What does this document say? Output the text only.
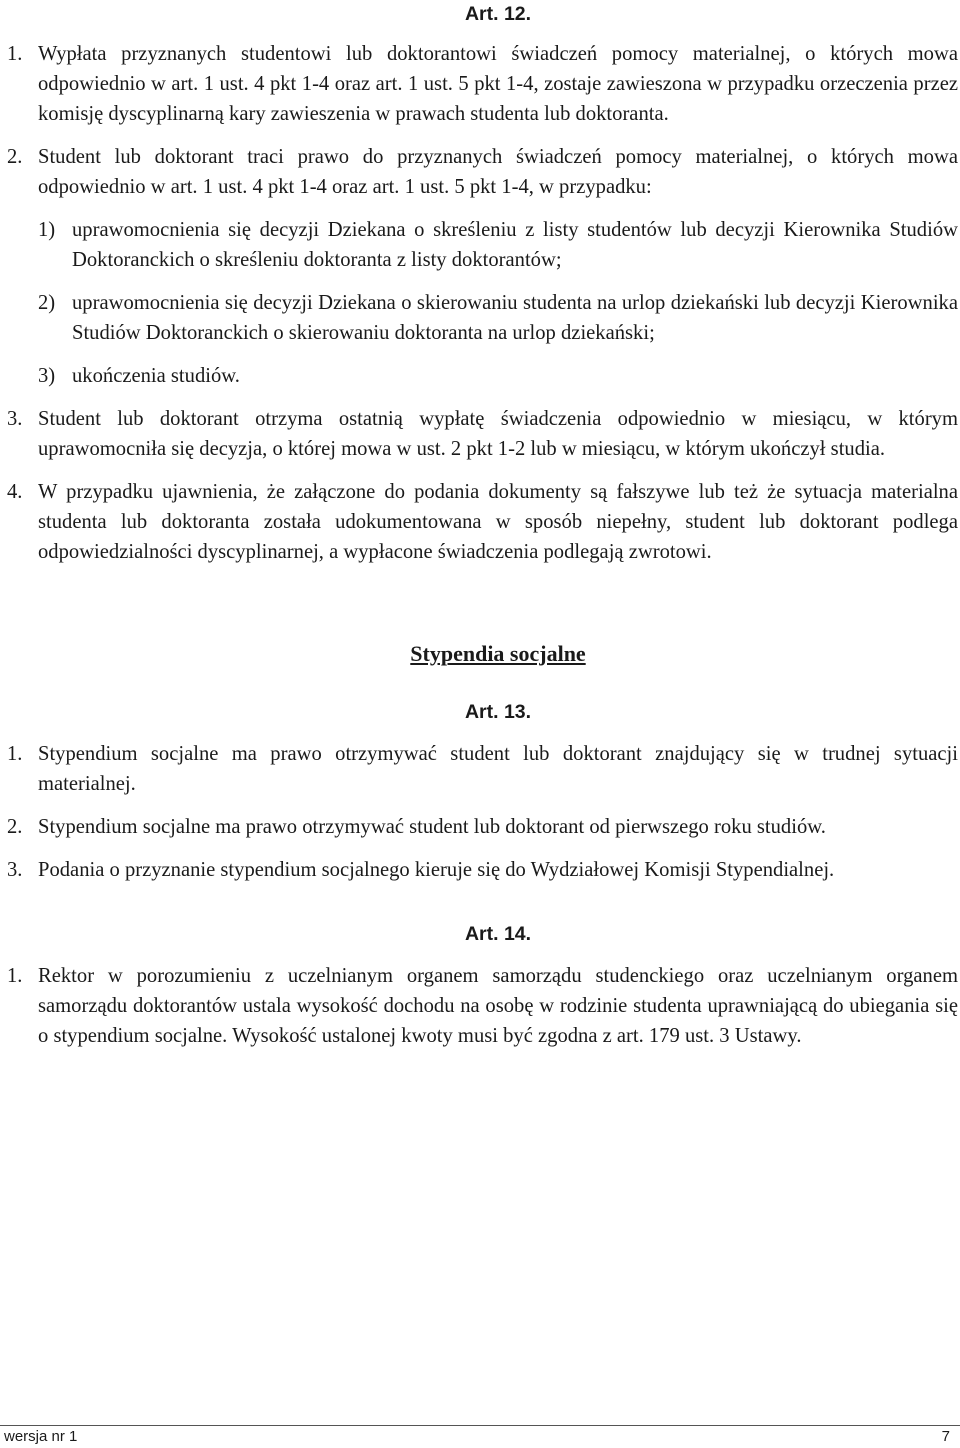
Art. 12.
1. Wypłata przyznanych studentowi lub doktorantowi świadczeń pomocy materialnej, o których mowa odpowiednio w art. 1 ust. 4 pkt 1-4 oraz art. 1 ust. 5 pkt 1-4, zostaje zawieszona w przypadku orzeczenia przez komisję dyscyplinarną kary zawieszenia w prawach studenta lub doktoranta.
2. Student lub doktorant traci prawo do przyznanych świadczeń pomocy materialnej, o których mowa odpowiednio w art. 1 ust. 4 pkt 1-4 oraz art. 1 ust. 5 pkt 1-4, w przypadku:
1) uprawomocnienia się decyzji Dziekana o skreśleniu z listy studentów lub decyzji Kierownika Studiów Doktoranckich o skreśleniu doktoranta z listy doktorantów;
2) uprawomocnienia się decyzji Dziekana o skierowaniu studenta na urlop dziekański lub decyzji Kierownika Studiów Doktoranckich o skierowaniu doktoranta na urlop dziekański;
3) ukończenia studiów.
3. Student lub doktorant otrzyma ostatnią wypłatę świadczenia odpowiednio w miesiącu, w którym uprawomocniła się decyzja, o której mowa w ust. 2 pkt 1-2 lub w miesiącu, w którym ukończył studia.
4. W przypadku ujawnienia, że załączone do podania dokumenty są fałszywe lub też że sytuacja materialna studenta lub doktoranta została udokumentowana w sposób niepełny, student lub doktorant podlega odpowiedzialności dyscyplinarnej, a wypłacone świadczenia podlegają zwrotowi.
Stypendia socjalne
Art. 13.
1. Stypendium socjalne ma prawo otrzymywać student lub doktorant znajdujący się w trudnej sytuacji materialnej.
2. Stypendium socjalne ma prawo otrzymywać student lub doktorant od pierwszego roku studiów.
3. Podania o przyznanie stypendium socjalnego kieruje się do Wydziałowej Komisji Stypendialnej.
Art. 14.
1. Rektor w porozumieniu z uczelnianym organem samorządu studenckiego oraz uczelnianym organem samorządu doktorantów ustala wysokość dochodu na osobę w rodzinie studenta uprawniającą do ubiegania się o stypendium socjalne. Wysokość ustalonej kwoty musi być zgodna z art. 179 ust. 3 Ustawy.
wersja nr 1	7
